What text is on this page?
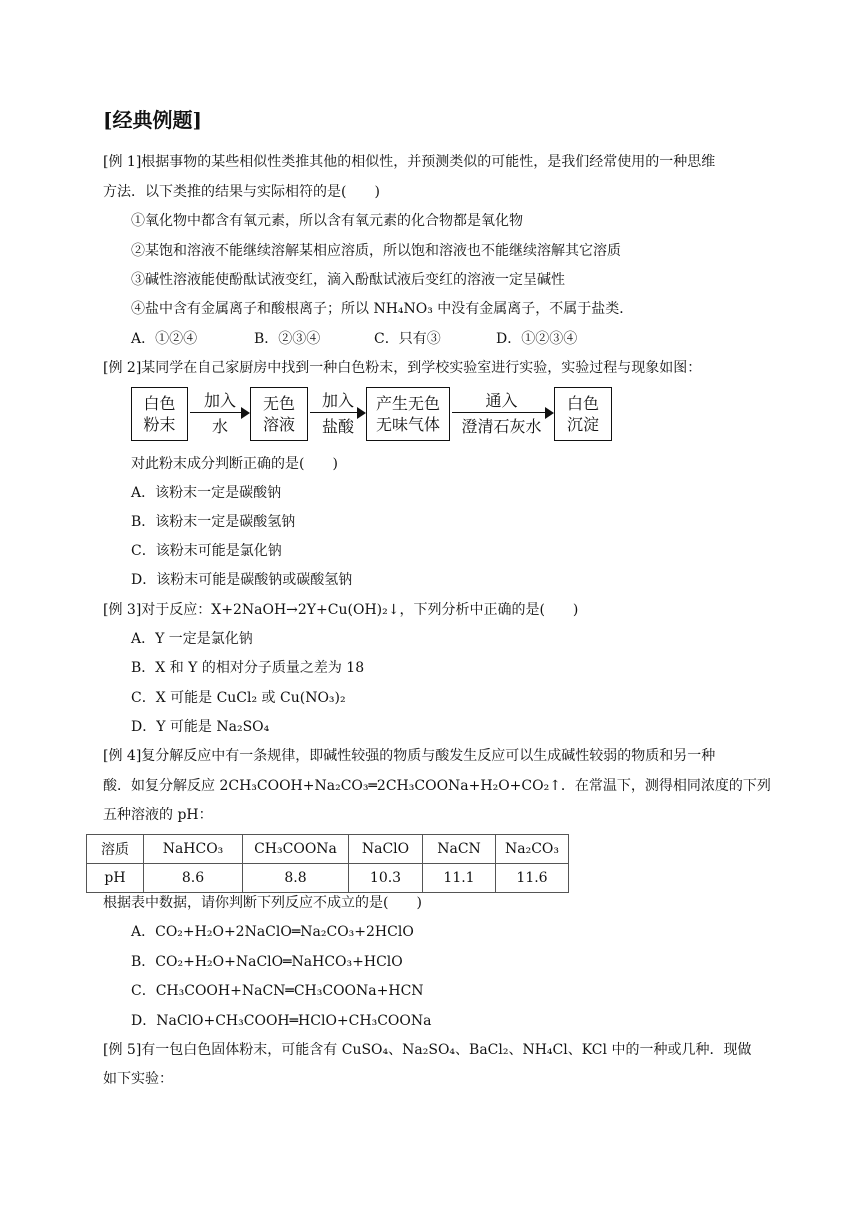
[经典例题]
[例 1]根据事物的某些相似性类推其他的相似性，并预测类似的可能性，是我们经常使用的一种思维
方法．以下类推的结果与实际相符的是(　　)
①氧化物中都含有氧元素，所以含有氧元素的化合物都是氧化物
②某饱和溶液不能继续溶解某相应溶质，所以饱和溶液也不能继续溶解其它溶质
③碱性溶液能使酚酞试液变红，滴入酚酞试液后变红的溶液一定呈碱性
④盐中含有金属离子和酸根离子；所以 NH₄NO₃ 中没有金属离子，不属于盐类．
A．①②④	B．②③④	C．只有③	D．①②③④
[例 2]某同学在自己家厨房中找到一种白色粉末，到学校实验室进行实验，实验过程与现象如图：
白色
粉末
加入
水
无色
溶液
加入
盐酸
产生无色
无味气体
通入
澄清石灰水
白色
沉淀
对此粉末成分判断正确的是(　　)
A．该粉末一定是碳酸钠
B．该粉末一定是碳酸氢钠
C．该粉末可能是氯化钠
D．该粉末可能是碳酸钠或碳酸氢钠
[例 3]对于反应：X+2NaOH→2Y+Cu(OH)₂↓，下列分析中正确的是(　　)
A．Y 一定是氯化钠
B．X 和 Y 的相对分子质量之差为 18
C．X 可能是 CuCl₂ 或 Cu(NO₃)₂
D．Y 可能是 Na₂SO₄
[例 4]复分解反应中有一条规律，即碱性较强的物质与酸发生反应可以生成碱性较弱的物质和另一种
酸．如复分解反应 2CH₃COOH+Na₂CO₃═2CH₃COONa+H₂O+CO₂↑．在常温下，测得相同浓度的下列
五种溶液的 pH：
溶质	NaHCO₃	CH₃COONa	NaClO	NaCN	Na₂CO₃
pH	8.6	8.8	10.3	11.1	11.6
根据表中数据，请你判断下列反应不成立的是(　　)
A．CO₂+H₂O+2NaClO═Na₂CO₃+2HClO
B．CO₂+H₂O+NaClO═NaHCO₃+HClO
C．CH₃COOH+NaCN═CH₃COONa+HCN
D．NaClO+CH₃COOH═HClO+CH₃COONa
[例 5]有一包白色固体粉末，可能含有 CuSO₄、Na₂SO₄、BaCl₂、NH₄Cl、KCl 中的一种或几种．现做
如下实验：
